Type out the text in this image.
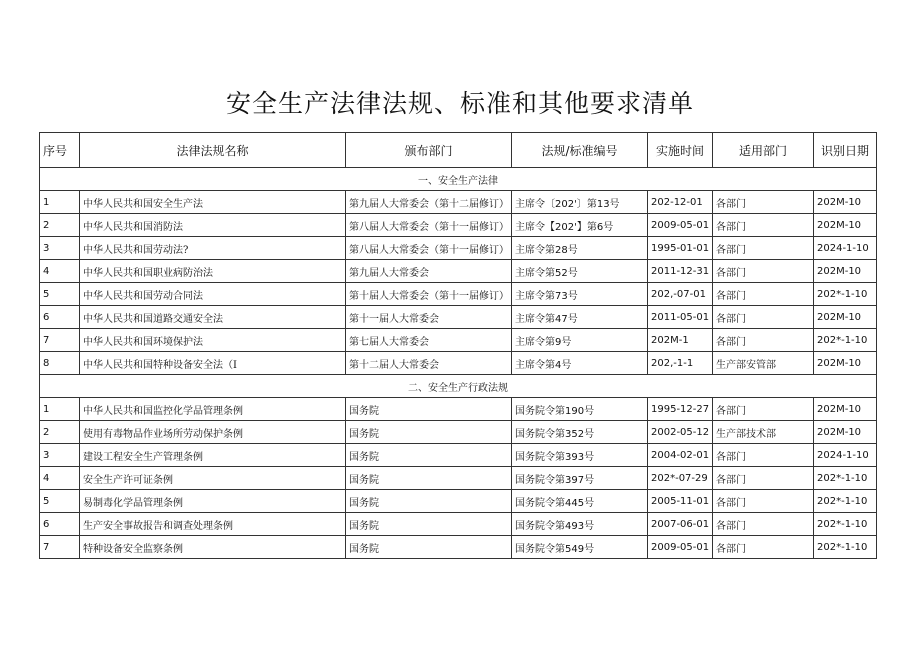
安全生产法律法规、标准和其他要求清单
序号	法律法规名称	颁布部门	法规/标准编号	实施时间	适用部门	识别日期
一、安全生产法律						
1	中华人民共和国安全生产法	第九届人大常委会（第十二届修订）	主席令〔202'〕第13号	202-12-01	各部门	202M-10
2	中华人民共和国消防法	第八届人大常委会（第十一届修订）	主席令【202'】第6号	2009-05-01	各部门	202M-10
3	中华人民共和国劳动法?	第八届人大常委会（第十一届修订）	主席令第28号	1995-01-01	各部门	2024-1-10
4	中华人民共和国职业病防治法	第九届人大常委会	主席令第52号	2011-12-31	各部门	202M-10
5	中华人民共和国劳动合同法	第十届人大常委会（第十一届修订）	主席令第73号	202,-07-01	各部门	202*-1-10
6	中华人民共和国道路交通安全法	第十一届人大常委会	主席令第47号	2011-05-01	各部门	202M-10
7	中华人民共和国环境保护法	第七届人大常委会	主席令第9号	202M-1	各部门	202*-1-10
8	中华人民共和国特种设备安全法（I	第十二届人大常委会	主席令第4号	202,-1-1	生产部安管部	202M-10
二、安全生产行政法规						
1	中华人民共和国监控化学品管理条例	国务院	国务院令第190号	1995-12-27	各部门	202M-10
2	使用有毒物品作业场所劳动保护条例	国务院	国务院令第352号	2002-05-12	生产部技术部	202M-10
3	建设工程安全生产管理条例	国务院	国务院令第393号	2004-02-01	各部门	2024-1-10
4	安全生产许可证条例	国务院	国务院令第397号	202*-07-29	各部门	202*-1-10
5	易制毒化学品管理条例	国务院	国务院令第445号	2005-11-01	各部门	202*-1-10
6	生产安全事故报告和调查处理条例	国务院	国务院令第493号	2007-06-01	各部门	202*-1-10
7	特种设备安全监察条例	国务院	国务院令第549号	2009-05-01	各部门	202*-1-10
